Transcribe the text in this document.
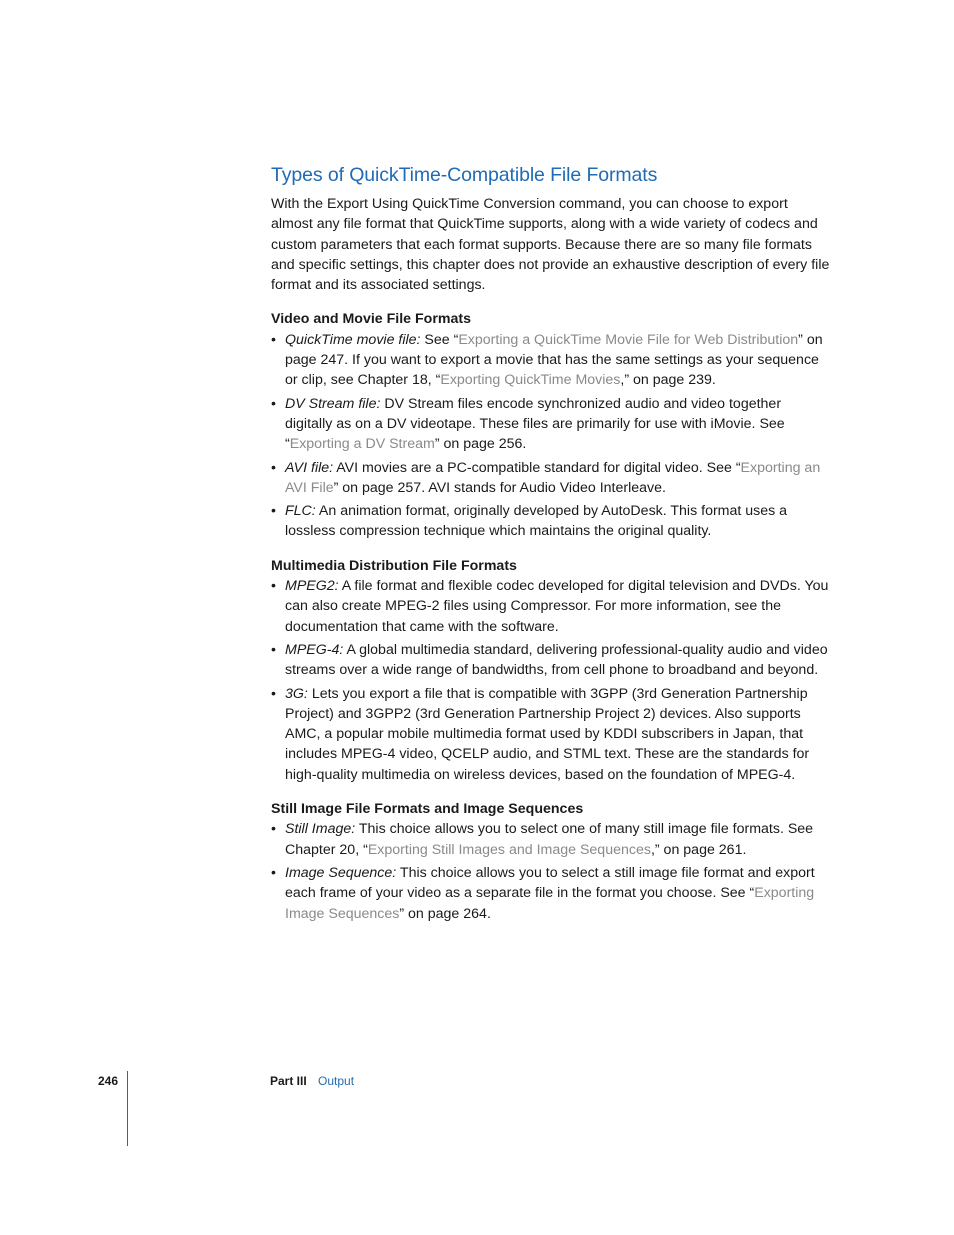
Types of QuickTime-Compatible File Formats

With the Export Using QuickTime Conversion command, you can choose to export almost any file format that QuickTime supports, along with a wide variety of codecs and custom parameters that each format supports. Because there are so many file formats and specific settings, this chapter does not provide an exhaustive description of every file format and its associated settings.

Video and Movie File Formats
• QuickTime movie file: See “Exporting a QuickTime Movie File for Web Distribution” on page 247. If you want to export a movie that has the same settings as your sequence or clip, see Chapter 18, “Exporting QuickTime Movies,” on page 239.
• DV Stream file: DV Stream files encode synchronized audio and video together digitally as on a DV videotape. These files are primarily for use with iMovie. See “Exporting a DV Stream” on page 256.
• AVI file: AVI movies are a PC-compatible standard for digital video. See “Exporting an AVI File” on page 257. AVI stands for Audio Video Interleave.
• FLC: An animation format, originally developed by AutoDesk. This format uses a lossless compression technique which maintains the original quality.
Multimedia Distribution File Formats
• MPEG2: A file format and flexible codec developed for digital television and DVDs. You can also create MPEG-2 files using Compressor. For more information, see the documentation that came with the software.
• MPEG-4: A global multimedia standard, delivering professional-quality audio and video streams over a wide range of bandwidths, from cell phone to broadband and beyond.
• 3G: Lets you export a file that is compatible with 3GPP (3rd Generation Partnership Project) and 3GPP2 (3rd Generation Partnership Project 2) devices. Also supports AMC, a popular mobile multimedia format used by KDDI subscribers in Japan, that includes MPEG-4 video, QCELP audio, and STML text. These are the standards for high-quality multimedia on wireless devices, based on the foundation of MPEG-4.
Still Image File Formats and Image Sequences
• Still Image: This choice allows you to select one of many still image file formats. See Chapter 20, “Exporting Still Images and Image Sequences,” on page 261.
• Image Sequence: This choice allows you to select a still image file format and export each frame of your video as a separate file in the format you choose. See “Exporting Image Sequences” on page 264.
246	Part III Output
